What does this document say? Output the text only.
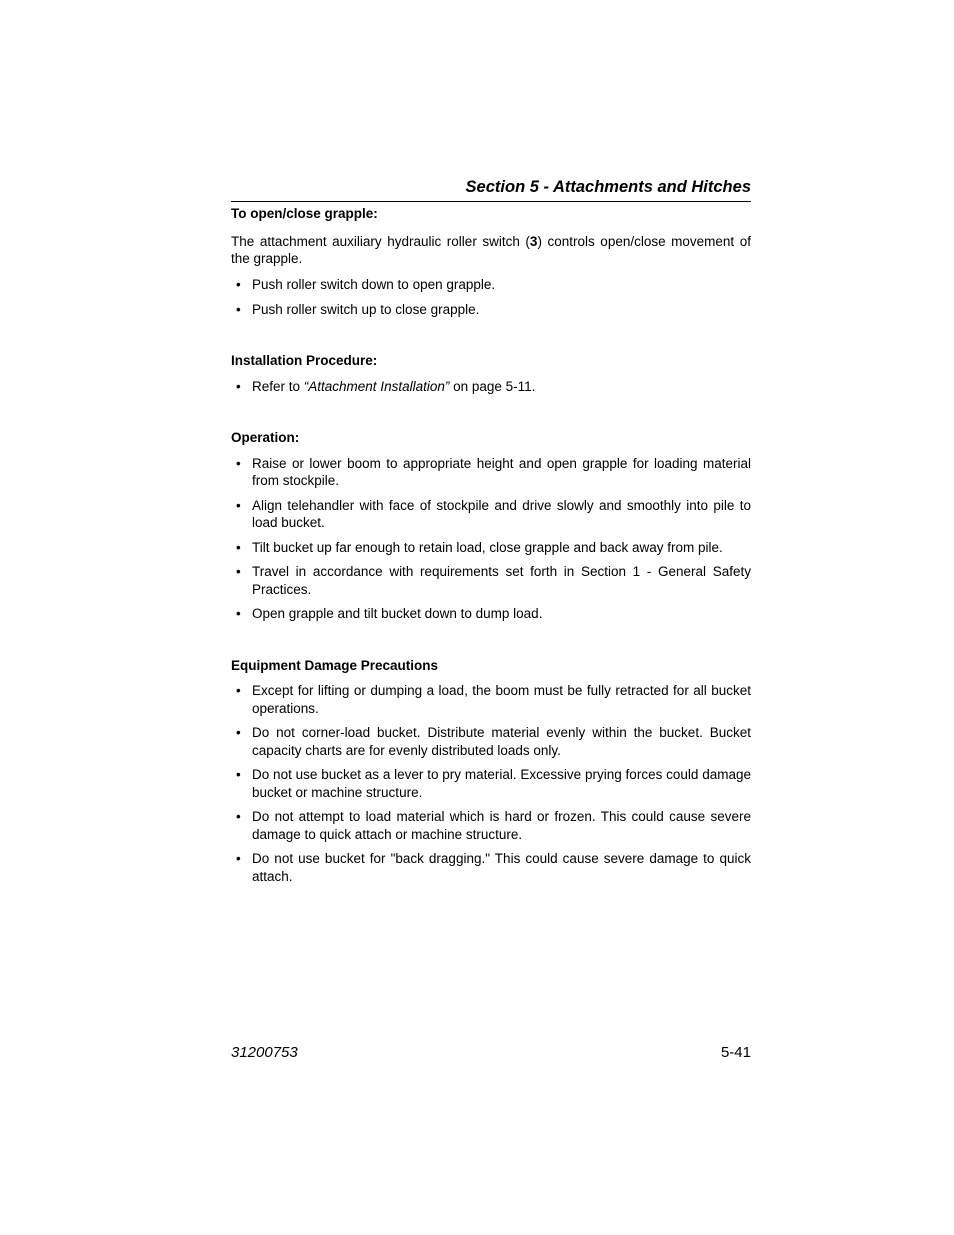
Section 5 - Attachments and Hitches

To open/close grapple:

The attachment auxiliary hydraulic roller switch (3) controls open/close movement of the grapple.

• Push roller switch down to open grapple.
• Push roller switch up to close grapple.

Installation Procedure:

• Refer to “Attachment Installation” on page 5-11.

Operation:

• Raise or lower boom to appropriate height and open grapple for loading material from stockpile.
• Align telehandler with face of stockpile and drive slowly and smoothly into pile to load bucket.
• Tilt bucket up far enough to retain load, close grapple and back away from pile.
• Travel in accordance with requirements set forth in Section 1 - General Safety Practices.
• Open grapple and tilt bucket down to dump load.

Equipment Damage Precautions

• Except for lifting or dumping a load, the boom must be fully retracted for all bucket operations.
• Do not corner-load bucket. Distribute material evenly within the bucket. Bucket capacity charts are for evenly distributed loads only.
• Do not use bucket as a lever to pry material. Excessive prying forces could damage bucket or machine structure.
• Do not attempt to load material which is hard or frozen. This could cause severe damage to quick attach or machine structure.
• Do not use bucket for "back dragging." This could cause severe damage to quick attach.
31200753	5-41
